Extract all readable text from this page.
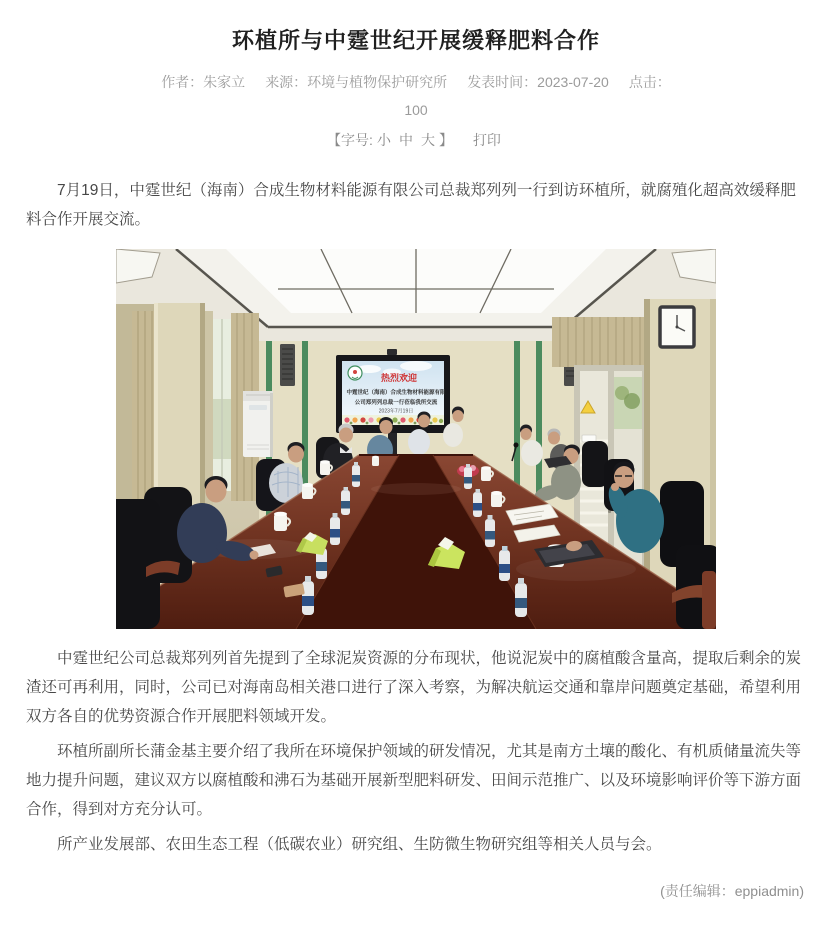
环植所与中霆世纪开展缓释肥料合作
作者：朱家立 来源：环境与植物保护研究所 发表时间：2023-07-20 点击：
100
【字号: 小 中 大 】 打印

7月19日，中霆世纪（海南）合成生物材料能源有限公司总裁郑列列一行到访环植所，就腐殖化超高效缓释肥料合作开展交流。

热烈欢迎
中霆世纪（海南）合成生物材料能源有限
公司郑列列总裁一行莅临我所交流
2023年7月19日

中霆世纪公司总裁郑列列首先提到了全球泥炭资源的分布现状，他说泥炭中的腐植酸含量高，提取后剩余的炭渣还可再利用，同时，公司已对海南岛相关港口进行了深入考察，为解决航运交通和靠岸问题奠定基础，希望利用双方各自的优势资源合作开展肥料领域开发。

环植所副所长蒲金基主要介绍了我所在环境保护领域的研发情况，尤其是南方土壤的酸化、有机质储量流失等地力提升问题，建议双方以腐植酸和沸石为基础开展新型肥料研发、田间示范推广、以及环境影响评价等下游方面合作，得到对方充分认可。

所产业发展部、农田生态工程（低碳农业）研究组、生防微生物研究组等相关人员与会。

(责任编辑：eppiadmin)
